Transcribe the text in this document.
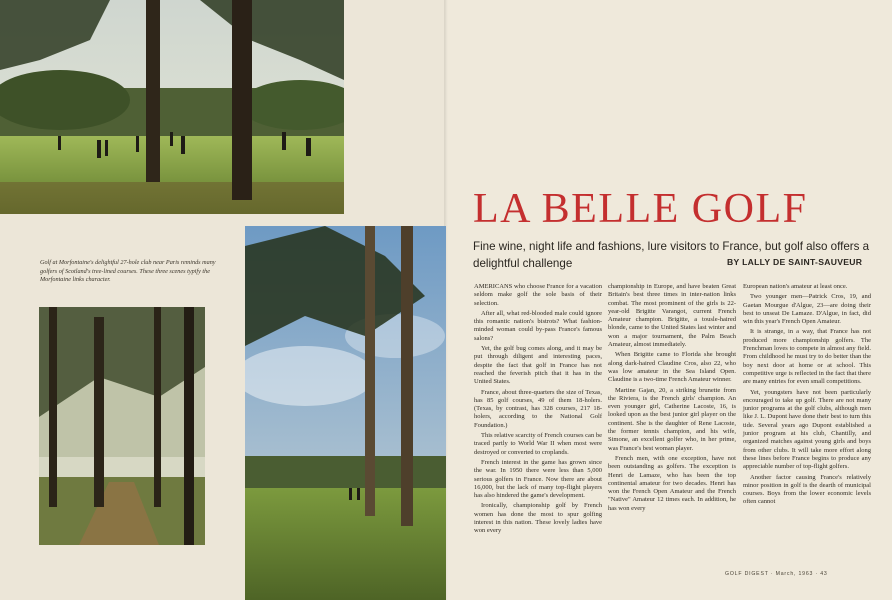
Golf at Morfontaine's delightful 27-hole club near Paris reminds many golfers of Scotland's tree-lined courses. These three scenes typify the Morfontaine links character.
LA BELLE GOLF
Fine wine, night life and fashions, lure visitors to France, but golf also offers a delightful challenge	BY LALLY DE SAINT-SAUVEUR

AMERICANS who choose France for a vacation seldom make golf the sole basis of their selection.

After all, what red-blooded male could ignore this romantic nation's bistrots? What fashion-minded woman could by-pass France's famous salons?

Yet, the golf bug comes along, and it may be put through diligent and interesting paces, despite the fact that golf in France has not reached the feverish pitch that it has in the United States.

France, about three-quarters the size of Texas, has 85 golf courses, 49 of them 18-holers. (Texas, by contrast, has 328 courses, 217 18-holers, according to the National Golf Foundation.)

This relative scarcity of French courses can be traced partly to World War II when most were destroyed or converted to croplands.

French interest in the game has grown since the war. In 1950 there were less than 5,000 serious golfers in France. Now there are about 16,000, but the lack of many top-flight players has also hindered the game's development.

Ironically, championship golf by French women has done the most to spur golfing interest in this nation. These lovely ladies have won every

championship in Europe, and have beaten Great Britain's best three times in inter-nation links combat. The most prominent of the girls is 22-year-old Brigitte Varangot, current French Amateur champion. Brigitte, a tousle-haired blonde, came to the United States last winter and won a major tournament, the Palm Beach Amateur, almost immediately.

When Brigitte came to Florida she brought along dark-haired Claudine Cros, also 22, who was low amateur in the Sea Island Open. Claudine is a two-time French Amateur winner.

Martine Gajan, 20, a striking brunette from the Riviera, is the French girls' champion. An even younger girl, Catherine Lacoste, 16, is looked upon as the best junior girl player on the continent. She is the daughter of Rene Lacoste, the former tennis champion, and his wife, Simone, an excellent golfer who, in her prime, was France's best woman player.

French men, with one exception, have not been outstanding as golfers. The exception is Henri de Lamaze, who has been the top continental amateur for two decades. Henri has won the French Open Amateur and the French "Native" Amateur 12 times each. In addition, he has won every

European nation's amateur at least once.

Two younger men—Patrick Cros, 19, and Gaetan Mourgue d'Algue, 23—are doing their best to unseat De Lamaze. D'Algue, in fact, did win this year's French Open Amateur.

It is strange, in a way, that France has not produced more championship golfers. The Frenchman loves to compete in almost any field. From childhood he must try to do better than the boy next door at home or at school. This competitive urge is reflected in the fact that there are many entries for even small competitions.

Yet, youngsters have not been particularly encouraged to take up golf. There are not many junior programs at the golf clubs, although men like J. L. Dupont have done their best to turn this tide. Several years ago Dupont established a junior program at his club, Chantilly, and organized matches against young girls and boys from other clubs. It will take more effort along these lines before France begins to produce any appreciable number of top-flight golfers.

Another factor causing France's relatively minor position in golf is the dearth of municipal courses. Boys from the lower economic levels often cannot

GOLF DIGEST · March, 1963 · 43
